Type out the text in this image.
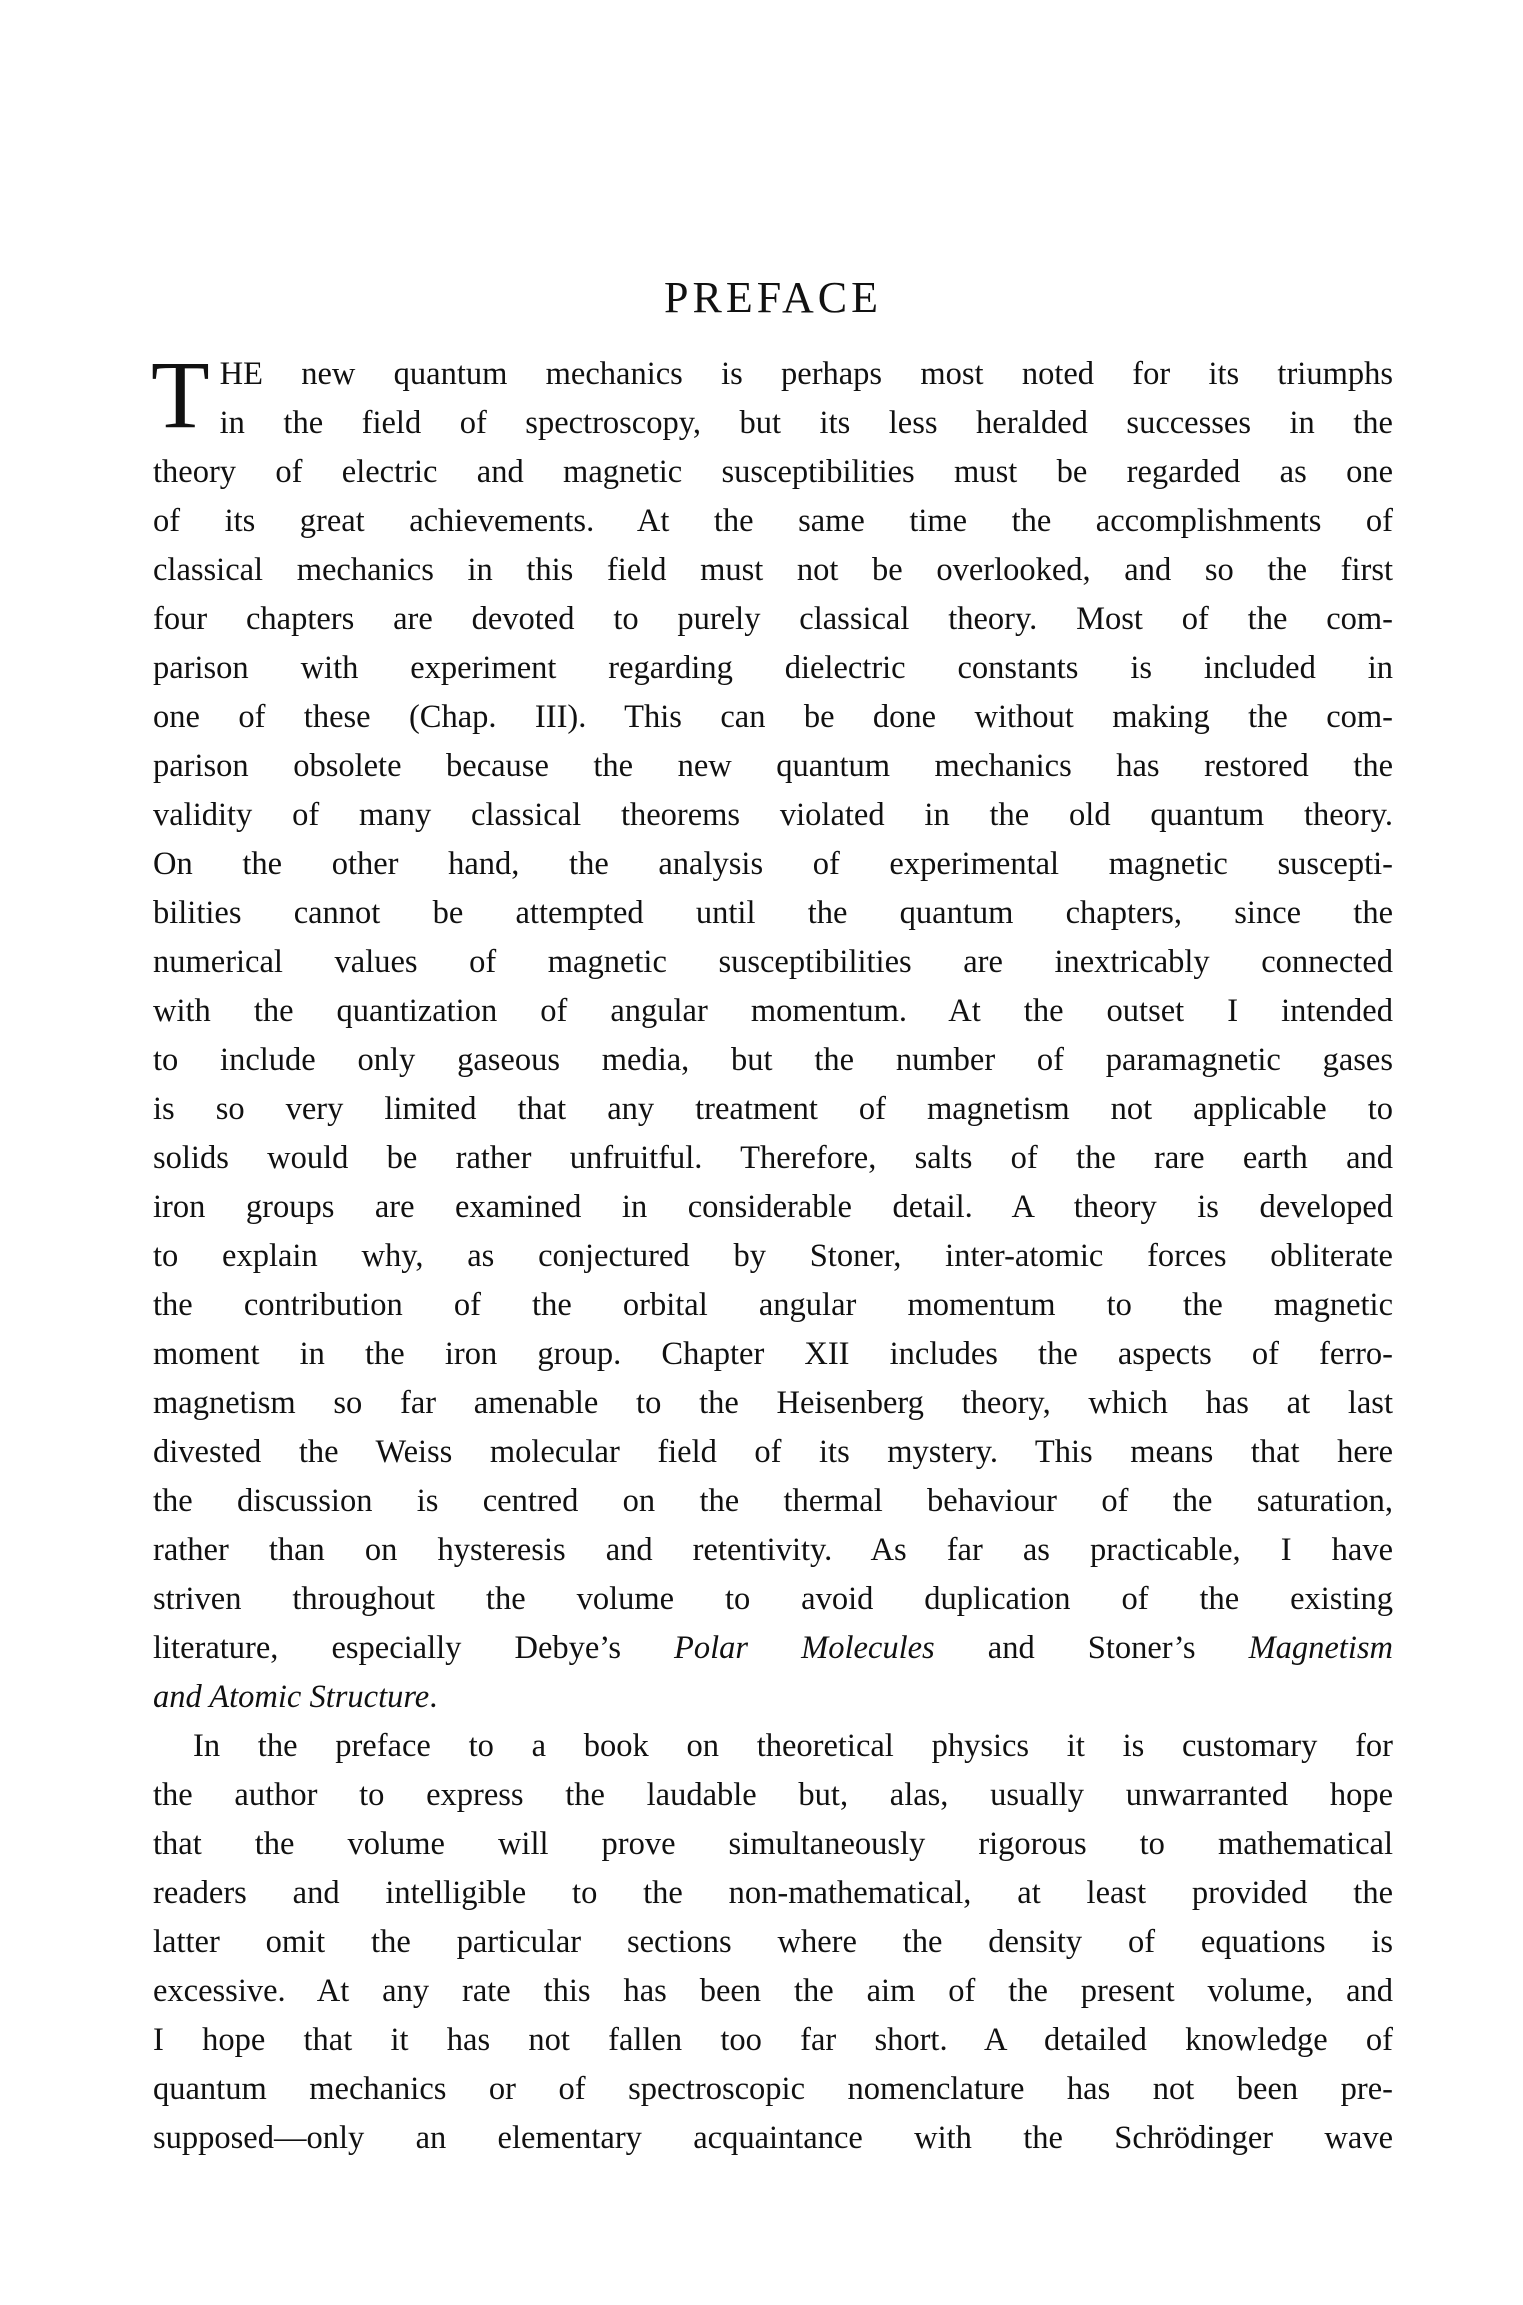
PREFACE
T HE new quantum mechanics is perhaps most noted for its triumphs
in the field of spectroscopy, but its less heralded successes in the
theory of electric and magnetic susceptibilities must be regarded as one
of its great achievements. At the same time the accomplishments of
classical mechanics in this field must not be overlooked, and so the first
four chapters are devoted to purely classical theory. Most of the com-
parison with experiment regarding dielectric constants is included in
one of these (Chap. III). This can be done without making the com-
parison obsolete because the new quantum mechanics has restored the
validity of many classical theorems violated in the old quantum theory.
On the other hand, the analysis of experimental magnetic suscepti-
bilities cannot be attempted until the quantum chapters, since the
numerical values of magnetic susceptibilities are inextricably connected
with the quantization of angular momentum. At the outset I intended
to include only gaseous media, but the number of paramagnetic gases
is so very limited that any treatment of magnetism not applicable to
solids would be rather unfruitful. Therefore, salts of the rare earth and
iron groups are examined in considerable detail. A theory is developed
to explain why, as conjectured by Stoner, inter-atomic forces obliterate
the contribution of the orbital angular momentum to the magnetic
moment in the iron group. Chapter XII includes the aspects of ferro-
magnetism so far amenable to the Heisenberg theory, which has at last
divested the Weiss molecular field of its mystery. This means that here
the discussion is centred on the thermal behaviour of the saturation,
rather than on hysteresis and retentivity. As far as practicable, I have
striven throughout the volume to avoid duplication of the existing
literature, especially Debye’s Polar Molecules and Stoner’s Magnetism
and Atomic Structure.
In the preface to a book on theoretical physics it is customary for
the author to express the laudable but, alas, usually unwarranted hope
that the volume will prove simultaneously rigorous to mathematical
readers and intelligible to the non-mathematical, at least provided the
latter omit the particular sections where the density of equations is
excessive. At any rate this has been the aim of the present volume, and
I hope that it has not fallen too far short. A detailed knowledge of
quantum mechanics or of spectroscopic nomenclature has not been pre-
supposed—only an elementary acquaintance with the Schrödinger wave
